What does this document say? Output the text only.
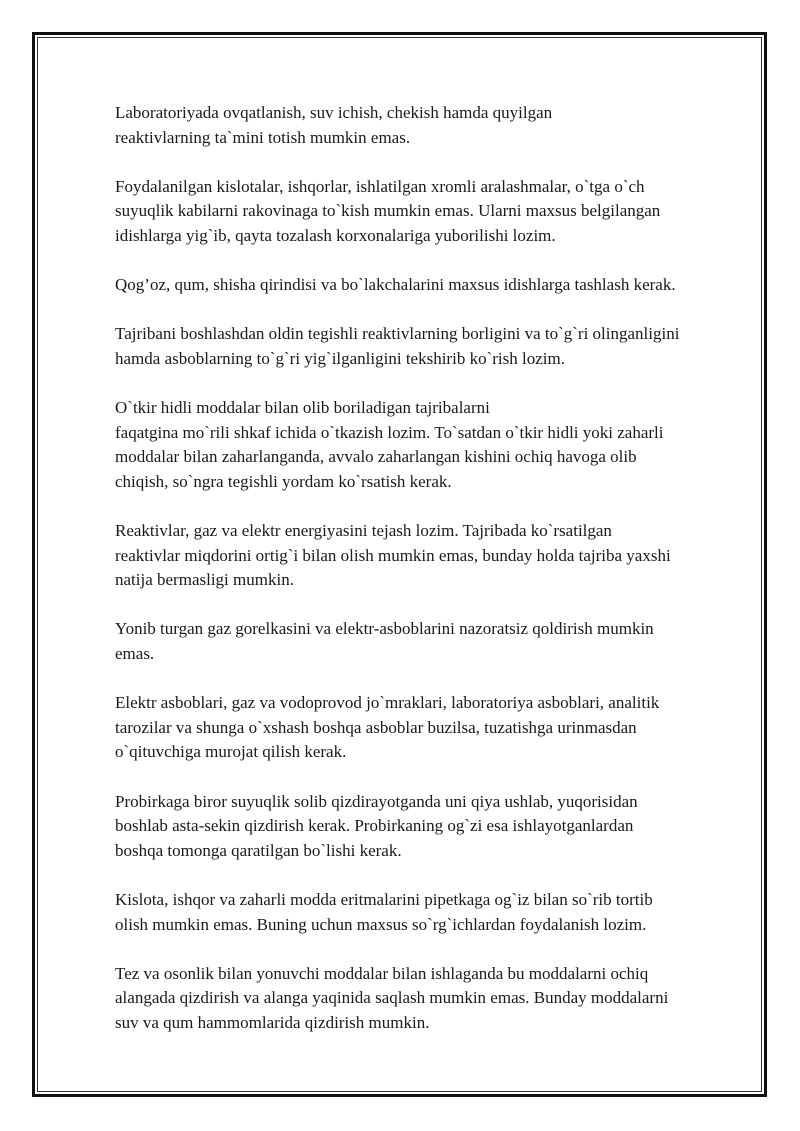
Laboratoriyada ovqatlanish, suv ichish, chekish hamda quyilgan
reaktivlarning ta`mini totish mumkin emas.

Foydalanilgan kislotalar, ishqorlar, ishlatilgan xromli aralashmalar, o`tga o`ch
suyuqlik kabilarni rakovinaga to`kish mumkin emas. Ularni maxsus belgilangan
idishlarga yig`ib, qayta tozalash korxonalariga yuborilishi lozim.

Qog’oz, qum, shisha qirindisi va bo`lakchalarini maxsus idishlarga tashlash kerak.

Tajribani boshlashdan oldin tegishli reaktivlarning borligini va to`g`ri olinganligini
hamda asboblarning to`g`ri yig`ilganligini tekshirib ko`rish lozim.

O`tkir hidli moddalar bilan olib boriladigan tajribalarni
faqatgina mo`rili shkaf ichida o`tkazish lozim. To`satdan o`tkir hidli yoki zaharli
moddalar bilan zaharlanganda, avvalo zaharlangan kishini ochiq havoga olib
chiqish, so`ngra tegishli yordam ko`rsatish kerak.

Reaktivlar, gaz va elektr energiyasini tejash lozim. Tajribada ko`rsatilgan
reaktivlar miqdorini ortig`i bilan olish mumkin emas, bunday holda tajriba yaxshi
natija bermasligi mumkin.

Yonib turgan gaz gorelkasini va elektr-asboblarini nazoratsiz qoldirish mumkin
emas.

Elektr asboblari, gaz va vodoprovod jo`mraklari, laboratoriya asboblari, analitik
tarozilar va shunga o`xshash boshqa asboblar buzilsa, tuzatishga urinmasdan
o`qituvchiga murojat qilish kerak.

Probirkaga biror suyuqlik solib qizdirayotganda uni qiya ushlab, yuqorisidan
boshlab asta-sekin qizdirish kerak. Probirkaning og`zi esa ishlayotganlardan
boshqa tomonga qaratilgan bo`lishi kerak.

Kislota, ishqor va zaharli modda eritmalarini pipetkaga og`iz bilan so`rib tortib
olish mumkin emas. Buning uchun maxsus so`rg`ichlardan foydalanish lozim.

Tez va osonlik bilan yonuvchi moddalar bilan ishlaganda bu moddalarni ochiq
alangada qizdirish va alanga yaqinida saqlash mumkin emas. Bunday moddalarni
suv va qum hammomlarida qizdirish mumkin.
